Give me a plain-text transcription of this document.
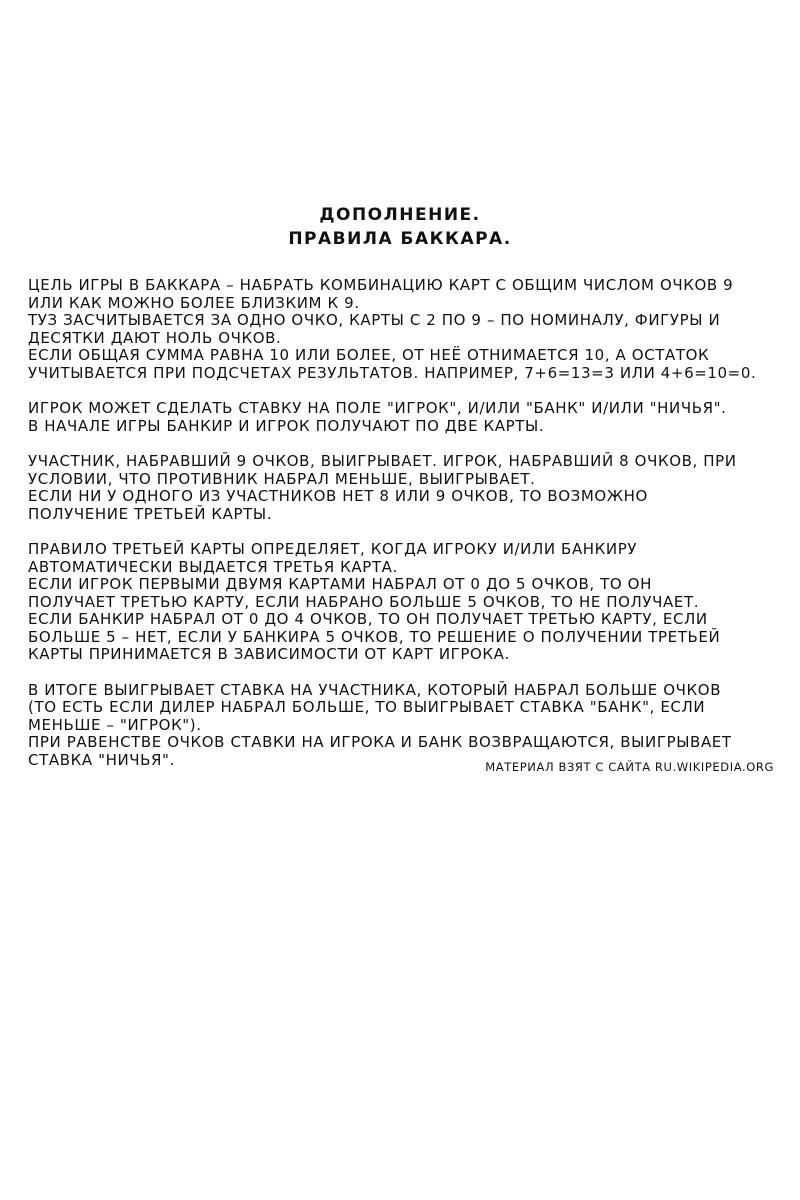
ДОПОЛНЕНИЕ.
ПРАВИЛА БАККАРА.
ЦЕЛЬ ИГРЫ В БАККАРА – НАБРАТЬ КОМБИНАЦИЮ КАРТ С ОБЩИМ ЧИСЛОМ ОЧКОВ 9
ИЛИ КАК МОЖНО БОЛЕЕ БЛИЗКИМ К 9.
ТУЗ ЗАСЧИТЫВАЕТСЯ ЗА ОДНО ОЧКО, КАРТЫ С 2 ПО 9 – ПО НОМИНАЛУ, ФИГУРЫ И
ДЕСЯТКИ ДАЮТ НОЛЬ ОЧКОВ.
ЕСЛИ ОБЩАЯ СУММА РАВНА 10 ИЛИ БОЛЕЕ, ОТ НЕЁ ОТНИМАЕТСЯ 10, А ОСТАТОК
УЧИТЫВАЕТСЯ ПРИ ПОДСЧЕТАХ РЕЗУЛЬТАТОВ. НАПРИМЕР, 7+6=13=3 ИЛИ 4+6=10=0.
ИГРОК МОЖЕТ СДЕЛАТЬ СТАВКУ НА ПОЛЕ "ИГРОК", И/ИЛИ "БАНК" И/ИЛИ "НИЧЬЯ".
В НАЧАЛЕ ИГРЫ БАНКИР И ИГРОК ПОЛУЧАЮТ ПО ДВЕ КАРТЫ.
УЧАСТНИК, НАБРАВШИЙ 9 ОЧКОВ, ВЫИГРЫВАЕТ. ИГРОК, НАБРАВШИЙ 8 ОЧКОВ, ПРИ
УСЛОВИИ, ЧТО ПРОТИВНИК НАБРАЛ МЕНЬШЕ, ВЫИГРЫВАЕТ.
ЕСЛИ НИ У ОДНОГО ИЗ УЧАСТНИКОВ НЕТ 8 ИЛИ 9 ОЧКОВ, ТО ВОЗМОЖНО
ПОЛУЧЕНИЕ ТРЕТЬЕЙ КАРТЫ.
ПРАВИЛО ТРЕТЬЕЙ КАРТЫ ОПРЕДЕЛЯЕТ, КОГДА ИГРОКУ И/ИЛИ БАНКИРУ
АВТОМАТИЧЕСКИ ВЫДАЕТСЯ ТРЕТЬЯ КАРТА.
ЕСЛИ ИГРОК ПЕРВЫМИ ДВУМЯ КАРТАМИ НАБРАЛ ОТ 0 ДО 5 ОЧКОВ, ТО ОН
ПОЛУЧАЕТ ТРЕТЬЮ КАРТУ, ЕСЛИ НАБРАНО БОЛЬШЕ 5 ОЧКОВ, ТО НЕ ПОЛУЧАЕТ.
ЕСЛИ БАНКИР НАБРАЛ ОТ 0 ДО 4 ОЧКОВ, ТО ОН ПОЛУЧАЕТ ТРЕТЬЮ КАРТУ, ЕСЛИ
БОЛЬШЕ 5 – НЕТ, ЕСЛИ У БАНКИРА 5 ОЧКОВ, ТО РЕШЕНИЕ О ПОЛУЧЕНИИ ТРЕТЬЕЙ
КАРТЫ ПРИНИМАЕТСЯ В ЗАВИСИМОСТИ ОТ КАРТ ИГРОКА.
В ИТОГЕ ВЫИГРЫВАЕТ СТАВКА НА УЧАСТНИКА, КОТОРЫЙ НАБРАЛ БОЛЬШЕ ОЧКОВ
(ТО ЕСТЬ ЕСЛИ ДИЛЕР НАБРАЛ БОЛЬШЕ, ТО ВЫИГРЫВАЕТ СТАВКА "БАНК", ЕСЛИ
МЕНЬШЕ – "ИГРОК").
ПРИ РАВЕНСТВЕ ОЧКОВ СТАВКИ НА ИГРОКА И БАНК ВОЗВРАЩАЮТСЯ, ВЫИГРЫВАЕТ
СТАВКА "НИЧЬЯ".	МАТЕРИАЛ ВЗЯТ С САЙТА RU.WIKIPEDIA.ORG
